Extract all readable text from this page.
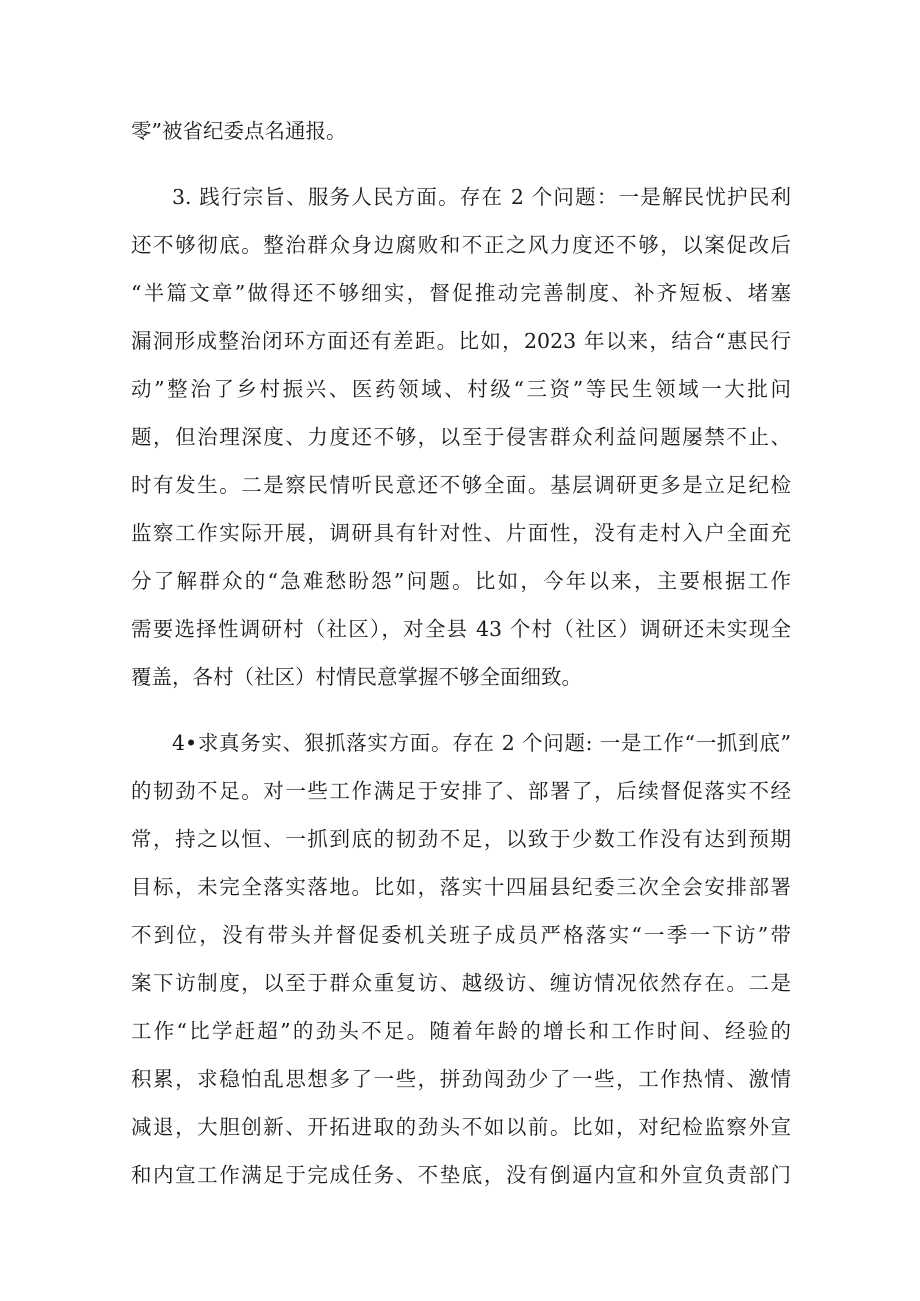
零”被省纪委点名通报。
3. 践行宗旨、服务人民方面。存在 2 个问题：一是解民忧护民利
还不够彻底。整治群众身边腐败和不正之风力度还不够，以案促改后
“半篇文章”做得还不够细实，督促推动完善制度、补齐短板、堵塞
漏洞形成整治闭环方面还有差距。比如，2023 年以来，结合“惠民行
动”整治了乡村振兴、医药领域、村级“三资”等民生领域一大批问
题，但治理深度、力度还不够，以至于侵害群众利益问题屡禁不止、
时有发生。二是察民情听民意还不够全面。基层调研更多是立足纪检
监察工作实际开展，调研具有针对性、片面性，没有走村入户全面充
分了解群众的“急难愁盼怨”问题。比如，今年以来，主要根据工作
需要选择性调研村（社区），对全县 43 个村（社区）调研还未实现全
覆盖，各村（社区）村情民意掌握不够全面细致。
4•求真务实、狠抓落实方面。存在 2 个问题: 一是工作“一抓到底”
的韧劲不足。对一些工作满足于安排了、部署了，后续督促落实不经
常，持之以恒、一抓到底的韧劲不足，以致于少数工作没有达到预期
目标，未完全落实落地。比如，落实十四届县纪委三次全会安排部署
不到位，没有带头并督促委机关班子成员严格落实“一季一下访”带
案下访制度，以至于群众重复访、越级访、缠访情况依然存在。二是
工作“比学赶超”的劲头不足。随着年龄的增长和工作时间、经验的
积累，求稳怕乱思想多了一些，拼劲闯劲少了一些，工作热情、激情
减退，大胆创新、开拓进取的劲头不如以前。比如，对纪检监察外宣
和内宣工作满足于完成任务、不垫底，没有倒逼内宣和外宣负责部门
